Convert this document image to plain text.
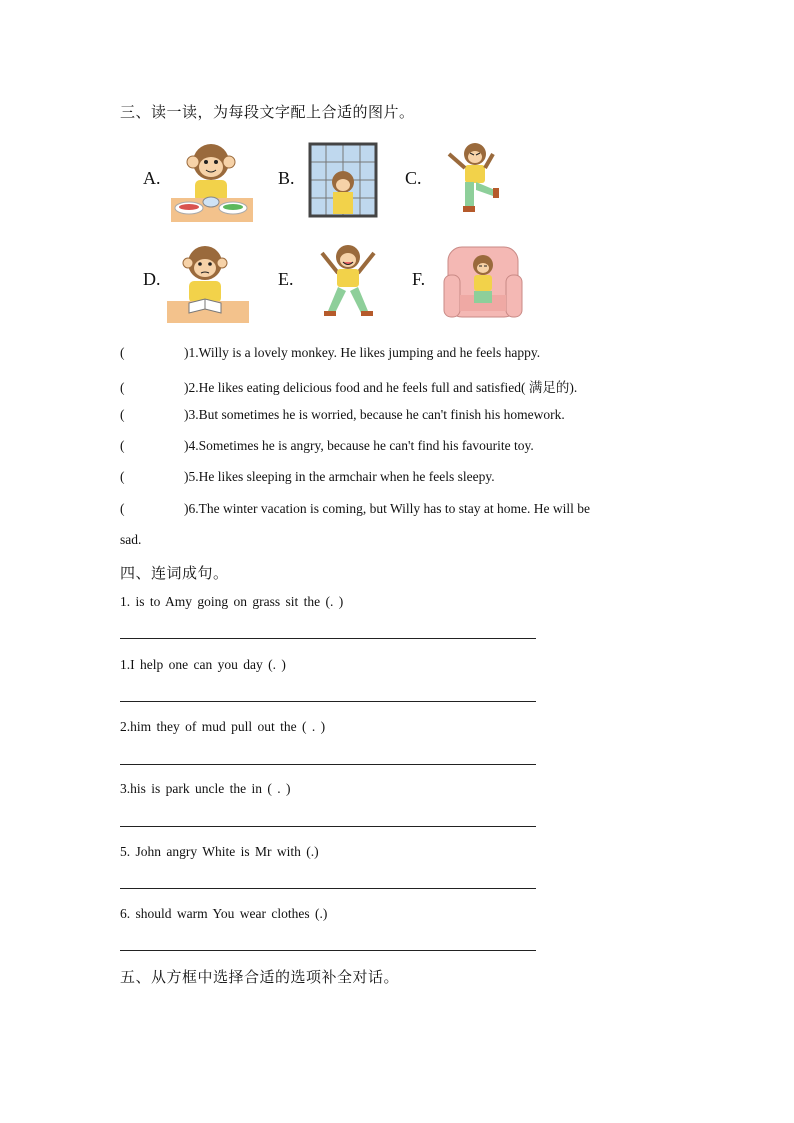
三、读一读，为每段文字配上合适的图片。
A.	B.	C.
D.	E.	F.
(	)1.Willy is a lovely monkey. He likes jumping and he feels happy.
(	)2.He likes eating delicious food and he feels full and satisfied( 满足的).
(	)3.But sometimes he is worried, because he can't finish his homework.
(	)4.Sometimes he is angry, because he can't find his favourite toy.
(	)5.He likes sleeping in the armchair when he feels sleepy.
(	)6.The winter vacation is coming, but Willy has to stay at home. He will be
sad.
四、连词成句。
1. is to Amy going on grass sit the (. )
1.I help one can you day (. )
2.him they of mud pull out the ( . )
3.his is park uncle the in ( . )
5. John angry White is Mr with (.)
6. should warm You wear clothes (.)
五、从方框中选择合适的选项补全对话。
